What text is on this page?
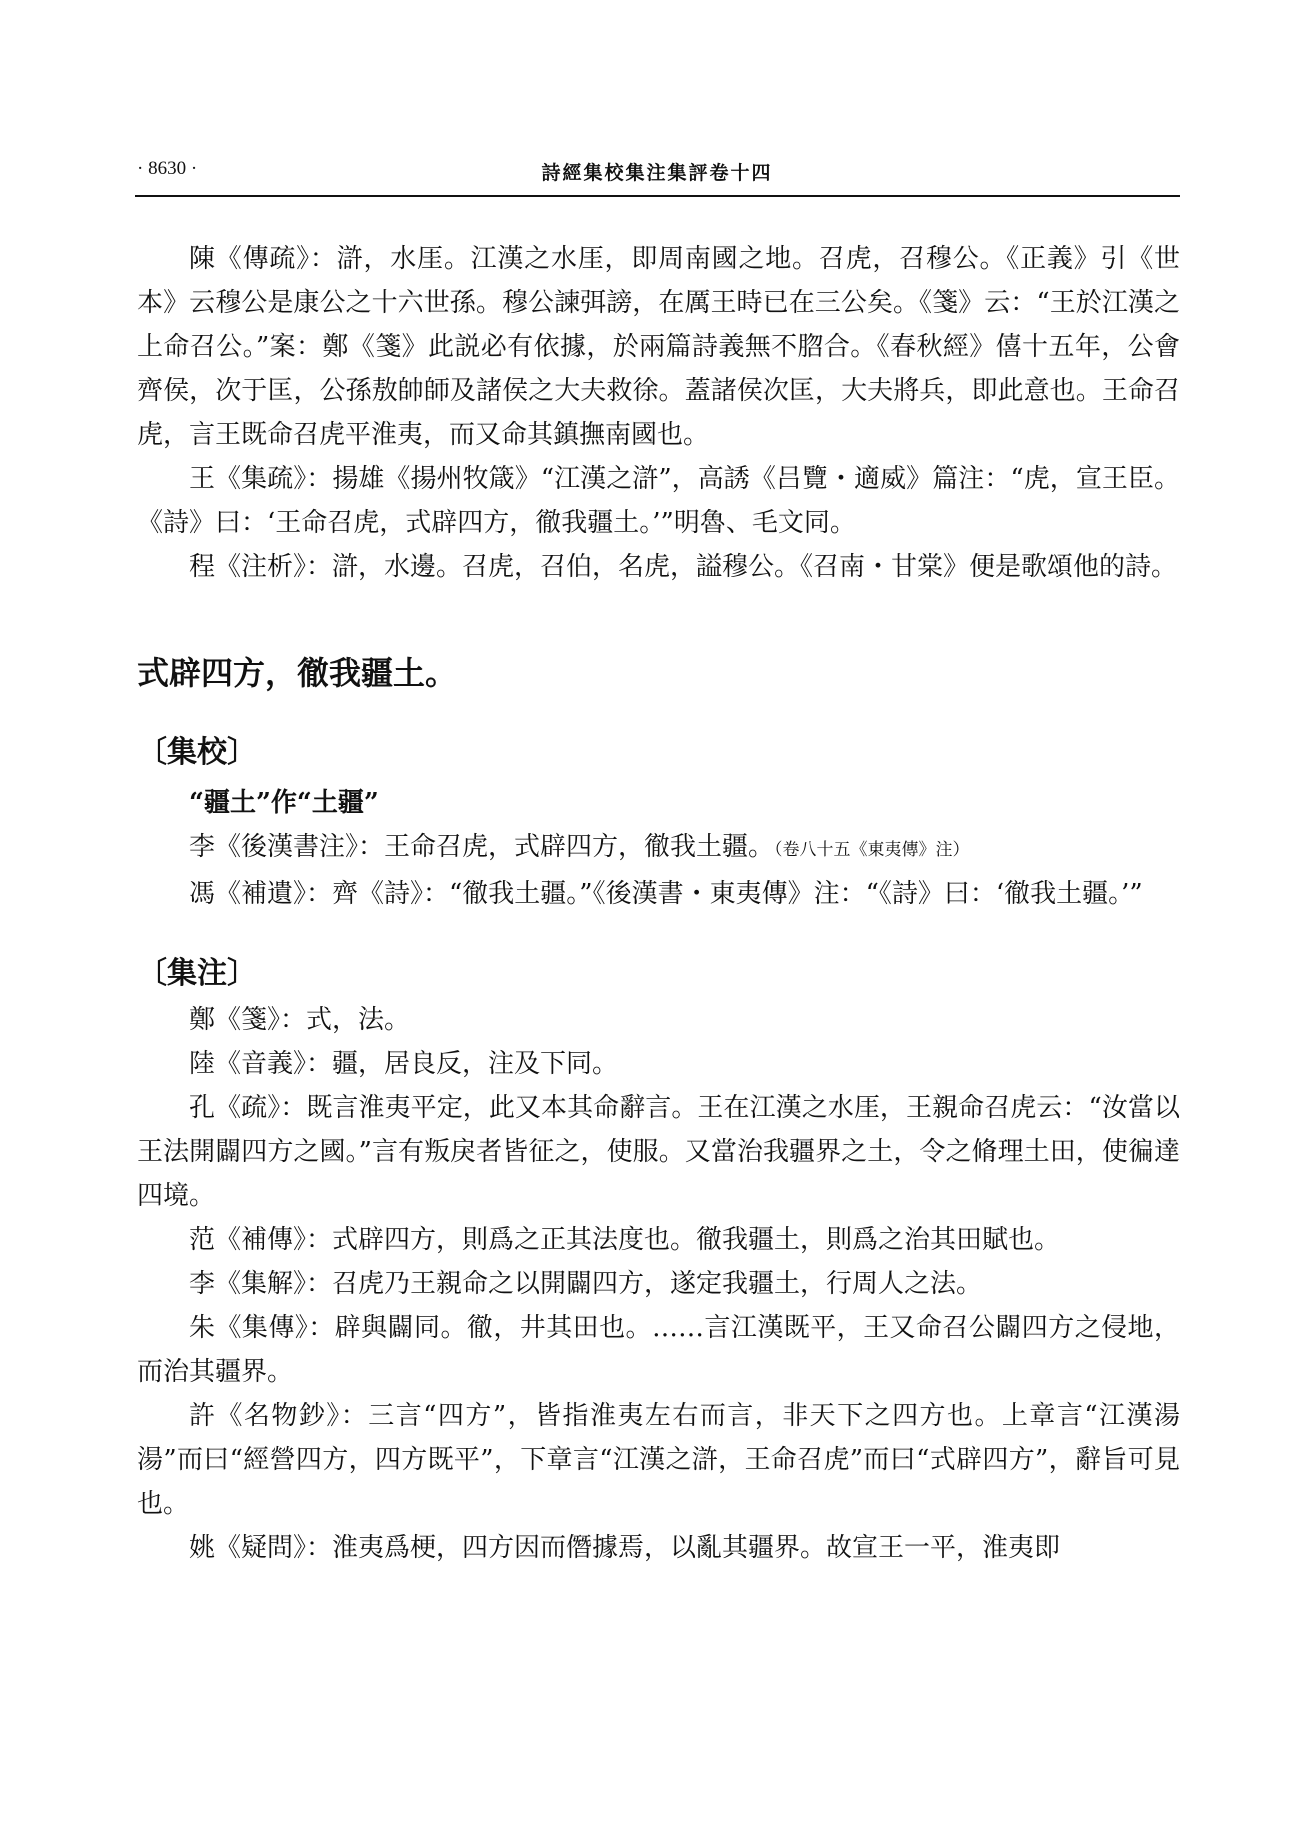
· 8630 ·	詩經集校集注集評卷十四

陳《傳疏》：滸，水厓。江漢之水厓，即周南國之地。召虎，召穆公。《正義》引《世本》云穆公是康公之十六世孫。穆公諫弭謗，在厲王時已在三公矣。《箋》云：“王於江漢之上命召公。”案：鄭《箋》此説必有依據，於兩篇詩義無不脗合。《春秋經》僖十五年，公會齊侯，次于匡，公孫敖帥師及諸侯之大夫救徐。蓋諸侯次匡，大夫將兵，即此意也。王命召虎，言王既命召虎平淮夷，而又命其鎮撫南國也。

王《集疏》：揚雄《揚州牧箴》“江漢之滸”，高誘《吕覽・適威》篇注：“虎，宣王臣。《詩》曰：‘王命召虎，式辟四方，徹我疆土。’”明魯、毛文同。

程《注析》：滸，水邊。召虎，召伯，名虎，謚穆公。《召南・甘棠》便是歌頌他的詩。

式辟四方，徹我疆土。

〔集校〕

“疆土”作“土疆”

李《後漢書注》：王命召虎，式辟四方，徹我土疆。（卷八十五《東夷傳》注）

馮《補遺》：齊《詩》：“徹我土疆。”《後漢書・東夷傳》注：“《詩》曰：‘徹我土疆。’”

〔集注〕

鄭《箋》：式，法。

陸《音義》：疆，居良反，注及下同。

孔《疏》：既言淮夷平定，此又本其命辭言。王在江漢之水厓，王親命召虎云：“汝當以王法開闢四方之國。”言有叛戾者皆征之，使服。又當治我疆界之土，令之脩理土田，使徧達四境。

范《補傳》：式辟四方，則爲之正其法度也。徹我疆土，則爲之治其田賦也。

李《集解》：召虎乃王親命之以開闢四方，遂定我疆土，行周人之法。

朱《集傳》：辟與闢同。徹，井其田也。……言江漢既平，王又命召公闢四方之侵地，而治其疆界。

許《名物鈔》：三言“四方”，皆指淮夷左右而言，非天下之四方也。上章言“江漢湯湯”而曰“經營四方，四方既平”，下章言“江漢之滸，王命召虎”而曰“式辟四方”，辭旨可見也。

姚《疑問》：淮夷爲梗，四方因而僭據焉，以亂其疆界。故宣王一平，淮夷即
